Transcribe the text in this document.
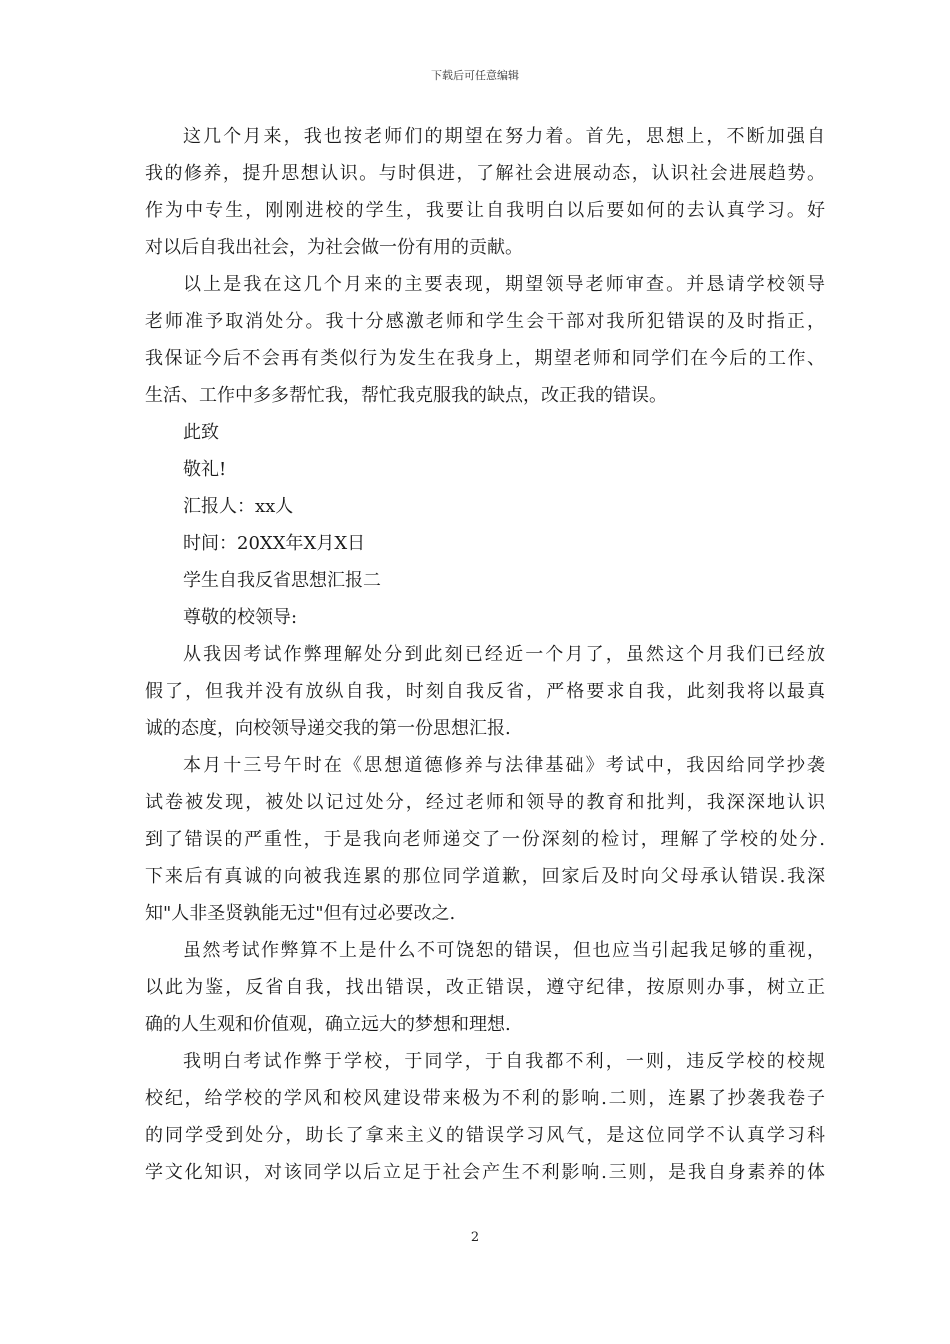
下载后可任意编辑
这几个月来，我也按老师们的期望在努力着。首先，思想上，不断加强自
我的修养，提升思想认识。与时俱进，了解社会进展动态，认识社会进展趋势。
作为中专生，刚刚进校的学生，我要让自我明白以后要如何的去认真学习。好
对以后自我出社会，为社会做一份有用的贡献。
以上是我在这几个月来的主要表现，期望领导老师审查。并恳请学校领导
老师准予取消处分。我十分感激老师和学生会干部对我所犯错误的及时指正，
我保证今后不会再有类似行为发生在我身上，期望老师和同学们在今后的工作、
生活、工作中多多帮忙我，帮忙我克服我的缺点，改正我的错误。
此致
敬礼!
汇报人：xx人
时间：20XX年X月X日
学生自我反省思想汇报二
尊敬的校领导:
从我因考试作弊理解处分到此刻已经近一个月了，虽然这个月我们已经放
假了，但我并没有放纵自我，时刻自我反省，严格要求自我，此刻我将以最真
诚的态度，向校领导递交我的第一份思想汇报.
本月十三号午时在《思想道德修养与法律基础》考试中，我因给同学抄袭
试卷被发现，被处以记过处分，经过老师和领导的教育和批判，我深深地认识
到了错误的严重性，于是我向老师递交了一份深刻的检讨，理解了学校的处分.
下来后有真诚的向被我连累的那位同学道歉，回家后及时向父母承认错误.我深
知"人非圣贤孰能无过"但有过必要改之.
虽然考试作弊算不上是什么不可饶恕的错误，但也应当引起我足够的重视，
以此为鉴，反省自我，找出错误，改正错误，遵守纪律，按原则办事，树立正
确的人生观和价值观，确立远大的梦想和理想.
我明白考试作弊于学校，于同学，于自我都不利，一则，违反学校的校规
校纪，给学校的学风和校风建设带来极为不利的影响.二则，连累了抄袭我卷子
的同学受到处分，助长了拿来主义的错误学习风气，是这位同学不认真学习科
学文化知识，对该同学以后立足于社会产生不利影响.三则，是我自身素养的体
2
